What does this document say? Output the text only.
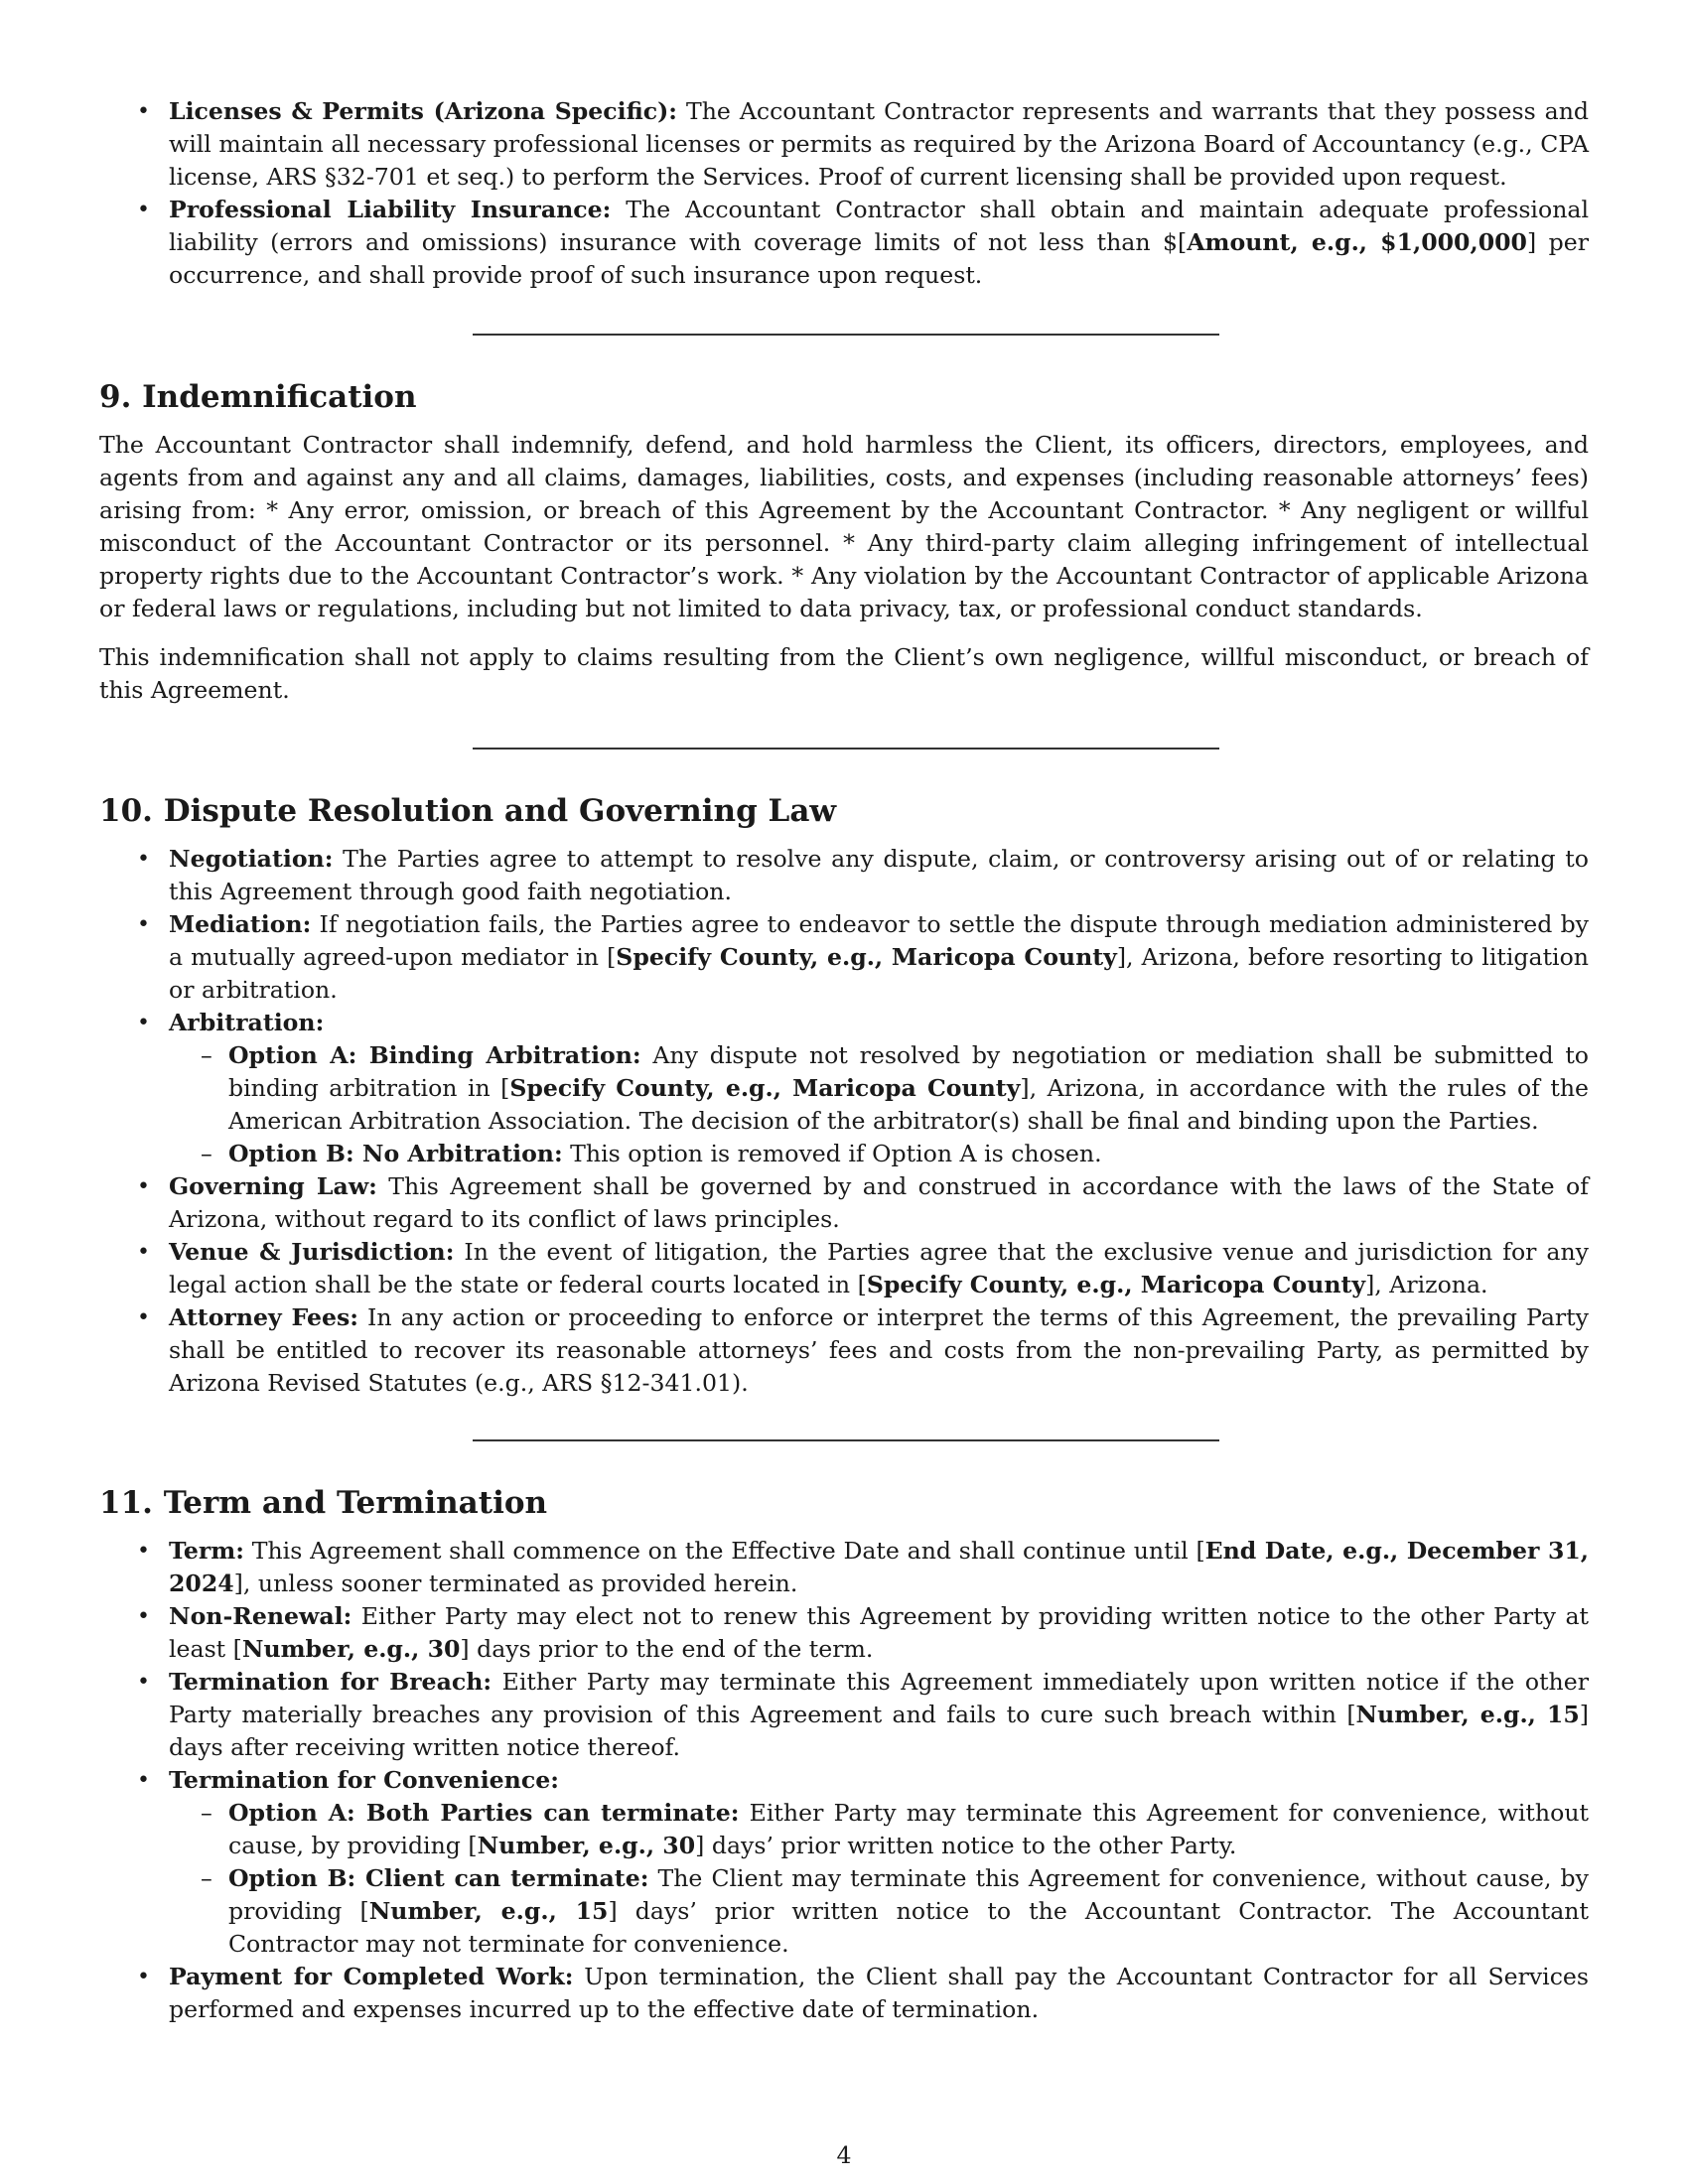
• Licenses & Permits (Arizona Specific): The Accountant Contractor represents and warrants that they possess and will maintain all necessary professional licenses or permits as required by the Arizona Board of Accountancy (e.g., CPA license, ARS §32-701 et seq.) to perform the Services. Proof of current licensing shall be provided upon request.
• Professional Liability Insurance: The Accountant Contractor shall obtain and maintain adequate professional liability (errors and omissions) insurance with coverage limits of not less than $[Amount, e.g., $1,000,000] per occurrence, and shall provide proof of such insurance upon request.
9. Indemnification

The Accountant Contractor shall indemnify, defend, and hold harmless the Client, its officers, directors, employees, and agents from and against any and all claims, damages, liabilities, costs, and expenses (including reasonable attorneys’ fees) arising from: * Any error, omission, or breach of this Agreement by the Accountant Contractor. * Any negligent or willful misconduct of the Accountant Contractor or its personnel. * Any third-party claim alleging infringement of intellectual property rights due to the Accountant Contractor’s work. * Any violation by the Accountant Contractor of applicable Arizona or federal laws or regulations, including but not limited to data privacy, tax, or professional conduct standards.

This indemnification shall not apply to claims resulting from the Client’s own negligence, willful misconduct, or breach of this Agreement.

10. Dispute Resolution and Governing Law
• Negotiation: The Parties agree to attempt to resolve any dispute, claim, or controversy arising out of or relating to this Agreement through good faith negotiation.
• Mediation: If negotiation fails, the Parties agree to endeavor to settle the dispute through mediation administered by a mutually agreed-upon mediator in [Specify County, e.g., Maricopa County], Arizona, before resorting to litigation or arbitration.
• Arbitration:
– Option A: Binding Arbitration: Any dispute not resolved by negotiation or mediation shall be submitted to binding arbitration in [Specify County, e.g., Maricopa County], Arizona, in accordance with the rules of the American Arbitration Association. The decision of the arbitrator(s) shall be final and binding upon the Parties.
– Option B: No Arbitration: This option is removed if Option A is chosen.
• Governing Law: This Agreement shall be governed by and construed in accordance with the laws of the State of Arizona, without regard to its conflict of laws principles.
• Venue & Jurisdiction: In the event of litigation, the Parties agree that the exclusive venue and jurisdiction for any legal action shall be the state or federal courts located in [Specify County, e.g., Maricopa County], Arizona.
• Attorney Fees: In any action or proceeding to enforce or interpret the terms of this Agreement, the prevailing Party shall be entitled to recover its reasonable attorneys’ fees and costs from the non-prevailing Party, as permitted by Arizona Revised Statutes (e.g., ARS §12-341.01).
11. Term and Termination
• Term: This Agreement shall commence on the Effective Date and shall continue until [End Date, e.g., December 31, 2024], unless sooner terminated as provided herein.
• Non-Renewal: Either Party may elect not to renew this Agreement by providing written notice to the other Party at least [Number, e.g., 30] days prior to the end of the term.
• Termination for Breach: Either Party may terminate this Agreement immediately upon written notice if the other Party materially breaches any provision of this Agreement and fails to cure such breach within [Number, e.g., 15] days after receiving written notice thereof.
• Termination for Convenience:
– Option A: Both Parties can terminate: Either Party may terminate this Agreement for convenience, without cause, by providing [Number, e.g., 30] days’ prior written notice to the other Party.
– Option B: Client can terminate: The Client may terminate this Agreement for convenience, without cause, by providing [Number, e.g., 15] days’ prior written notice to the Accountant Contractor. The Accountant Contractor may not terminate for convenience.
• Payment for Completed Work: Upon termination, the Client shall pay the Accountant Contractor for all Services performed and expenses incurred up to the effective date of termination.
4
